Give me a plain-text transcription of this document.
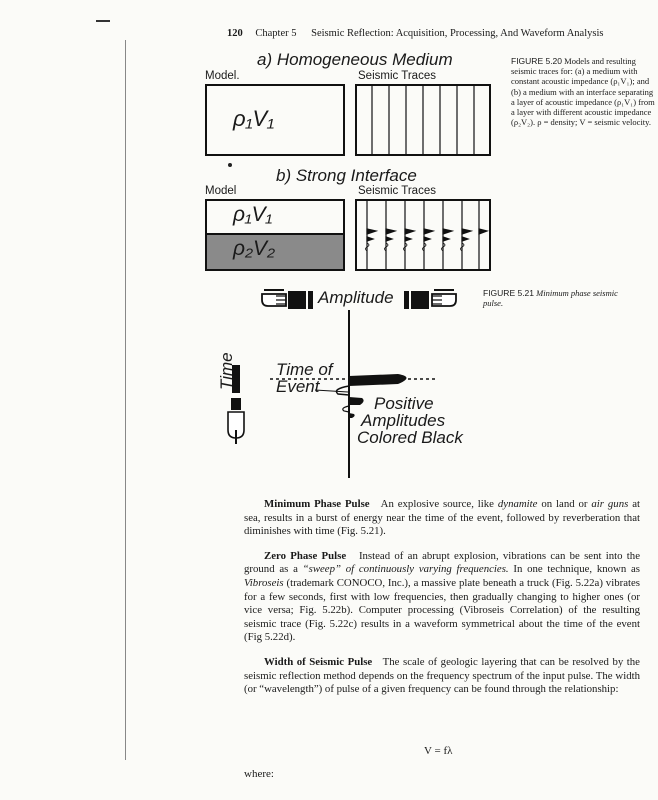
120 Chapter 5 Seismic Reflection: Acquisition, Processing, And Waveform Analysis
a) Homogeneous Medium
Model.	Seismic Traces
ρ₁V₁
FIGURE 5.20 Models and resulting seismic traces for: (a) a medium with constant acoustic impedance (ρ₁V₁); and (b) a medium with an interface separating a layer of acoustic impedance (ρ₁V₁) from a layer with different acoustic impedance (ρ₂V₂). ρ = density; V = seismic velocity.
b) Strong Interface
Model	Seismic Traces
ρ₁V₁
ρ₂V₂
Amplitude	FIGURE 5.21 Minimum phase seismic pulse.
Time Time of
Event
Positive
Amplitudes
Colored Black

Minimum Phase Pulse An explosive source, like dynamite on land or air guns at sea, results in a burst of energy near the time of the event, followed by reverberation that diminishes with time (Fig. 5.21).

Zero Phase Pulse Instead of an abrupt explosion, vibrations can be sent into the ground as a “sweep” of continuously varying frequencies. In one technique, known as Vibroseis (trademark CONOCO, Inc.), a massive plate beneath a truck (Fig. 5.22a) vibrates for a few seconds, first with low frequencies, then gradually changing to higher ones (or vice versa; Fig. 5.22b). Computer processing (Vibroseis Correlation) of the resulting seismic trace (Fig. 5.22c) results in a waveform symmetrical about the time of the event (Fig 5.22d).

Width of Seismic Pulse The scale of geologic layering that can be resolved by the seismic reflection method depends on the frequency spectrum of the input pulse. The width (or “wavelength”) of pulse of a given frequency can be found through the relationship:

V = fλ
where:
